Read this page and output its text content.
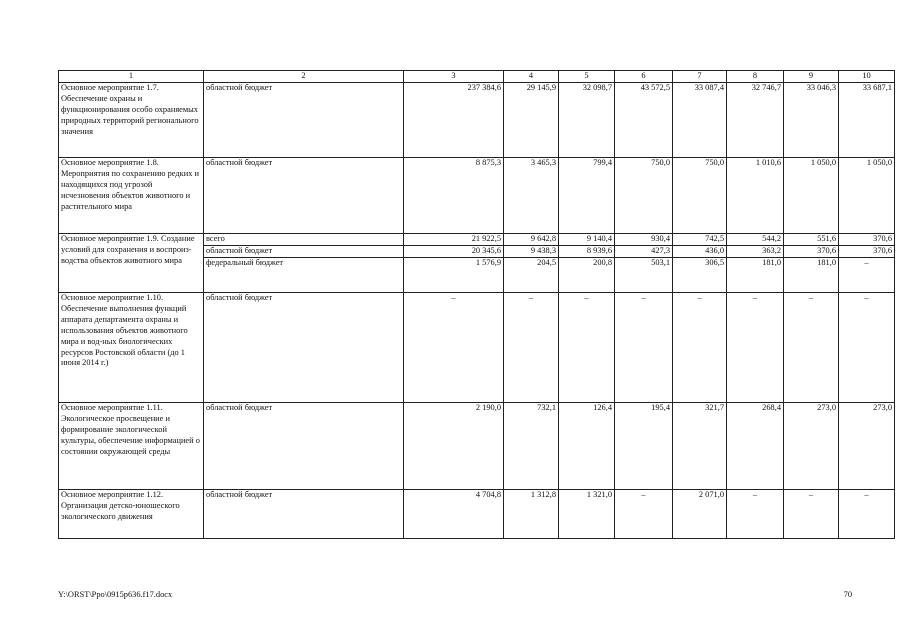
1	2	3	4	5	6	7	8	9	10
Основное мероприятие 1.7. Обеспечение охраны и функционирования особо охраняемых природных территорий регионального значения	областной бюджет	237 384,6	29 145,9	32 098,7	43 572,5	33 087,4	32 746,7	33 046,3	33 687,1
Основное мероприятие 1.8. Мероприятия по сохранению редких и находящихся под угрозой исчезновения объектов животного и растительного мира	областной бюджет	8 875,3	3 465,3	799,4	750,0	750,0	1 010,6	1 050,0	1 050,0
Основное мероприятие 1.9. Создание условий для сохранения и воспроиз-водства объектов животного мира	всего	21 922,5	9 642,8	9 140,4	930,4	742,5	544,2	551,6	370,6
	областной бюджет	20 345,6	9 438,3	8 939,6	427,3	436,0	363,2	370,6	370,6
	федеральный бюджет	1 576,9	204,5	200,8	503,1	306,5	181,0	181,0	–
Основное мероприятие 1.10. Обеспечение выполнения функций аппарата департамента охраны и использования объектов животного мира и вод-ных биологических ресурсов Ростовской области (до 1 июня 2014 г.)	областной бюджет	–	–	–	–	–	–	–	–
Основное мероприятие 1.11. Экологическое просвещение и формирование экологической культуры, обеспечение информацией о состоянии окружающей среды	областной бюджет	2 190,0	732,1	126,4	195,4	321,7	268,4	273,0	273,0
Основное мероприятие 1.12. Организация детско-юношеского экологического движения	областной бюджет	4 704,8	1 312,8	1 321,0	–	2 071,0	–	–	–
Y:\ORST\Ppo\0915p636.f17.docx	70
